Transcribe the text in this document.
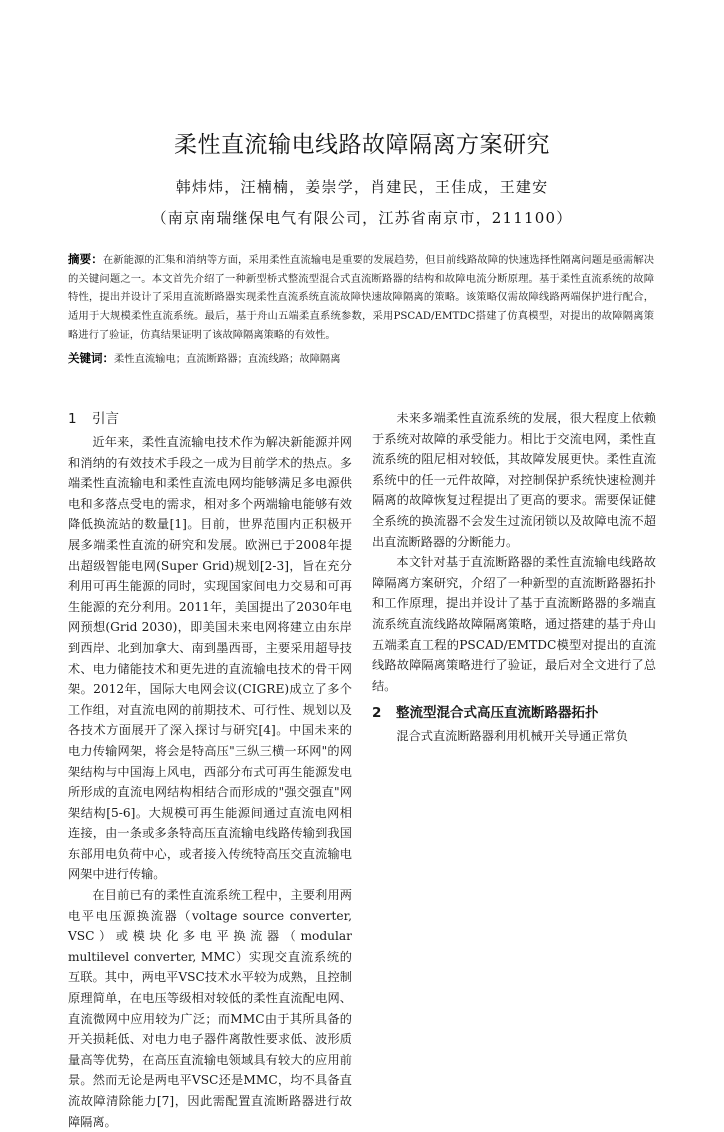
柔性直流输电线路故障隔离方案研究
韩炜炜，汪楠楠，姜崇学，肖建民，王佳成，王建安
（南京南瑞继保电气有限公司，江苏省南京市，211100）
摘要：在新能源的汇集和消纳等方面，采用柔性直流输电是重要的发展趋势，但目前线路故障的快速选择性隔离问题是亟需解决的关键问题之一。本文首先介绍了一种新型桥式整流型混合式直流断路器的结构和故障电流分断原理。基于柔性直流系统的故障特性，提出并设计了采用直流断路器实现柔性直流系统直流故障快速故障隔离的策略。该策略仅需故障线路两端保护进行配合，适用于大规模柔性直流系统。最后，基于舟山五端柔直系统参数，采用PSCAD/EMTDC搭建了仿真模型，对提出的故障隔离策略进行了验证，仿真结果证明了该故障隔离策略的有效性。
关键词：柔性直流输电；直流断路器；直流线路；故障隔离

1 引言

近年来，柔性直流输电技术作为解决新能源并网和消纳的有效技术手段之一成为目前学术的热点。多端柔性直流输电和柔性直流电网均能够满足多电源供电和多落点受电的需求，相对多个两端输电能够有效降低换流站的数量[1]。目前，世界范围内正积极开展多端柔性直流的研究和发展。欧洲已于2008年提出超级智能电网(Super Grid)规划[2-3]，旨在充分利用可再生能源的同时，实现国家间电力交易和可再生能源的充分利用。2011年，美国提出了2030年电网预想(Grid 2030)，即美国未来电网将建立由东岸到西岸、北到加拿大、南到墨西哥，主要采用超导技术、电力储能技术和更先进的直流输电技术的骨干网架。2012年，国际大电网会议(CIGRE)成立了多个工作组，对直流电网的前期技术、可行性、规划以及各技术方面展开了深入探讨与研究[4]。中国未来的电力传输网架，将会是特高压"三纵三横一环网"的网架结构与中国海上风电，西部分布式可再生能源发电所形成的直流电网结构相结合而形成的"强交强直"网架结构[5-6]。大规模可再生能源间通过直流电网相连接，由一条或多条特高压直流输电线路传输到我国东部用电负荷中心，或者接入传统特高压交直流输电网架中进行传输。

在目前已有的柔性直流系统工程中，主要利用两电平电压源换流器（voltage source converter, VSC）或模块化多电平换流器（modular multilevel converter, MMC）实现交直流系统的互联。其中，两电平VSC技术水平较为成熟，且控制原理简单，在电压等级相对较低的柔性直流配电网、直流微网中应用较为广泛；而MMC由于其所具备的开关损耗低、对电力电子器件离散性要求低、波形质量高等优势，在高压直流输电领域具有较大的应用前景。然而无论是两电平VSC还是MMC，均不具备直流故障清除能力[7]，因此需配置直流断路器进行故障隔离。

未来多端柔性直流系统的发展，很大程度上依赖于系统对故障的承受能力。相比于交流电网，柔性直流系统的阻尼相对较低，其故障发展更快。柔性直流系统中的任一元件故障，对控制保护系统快速检测并隔离的故障恢复过程提出了更高的要求。需要保证健全系统的换流器不会发生过流闭锁以及故障电流不超出直流断路器的分断能力。

本文针对基于直流断路器的柔性直流输电线路故障隔离方案研究，介绍了一种新型的直流断路器拓扑和工作原理，提出并设计了基于直流断路器的多端直流系统直流线路故障隔离策略，通过搭建的基于舟山五端柔直工程的PSCAD/EMTDC模型对提出的直流线路故障隔离策略进行了验证，最后对全文进行了总结。

2 整流型混合式高压直流断路器拓扑

混合式直流断路器利用机械开关导通正常负
